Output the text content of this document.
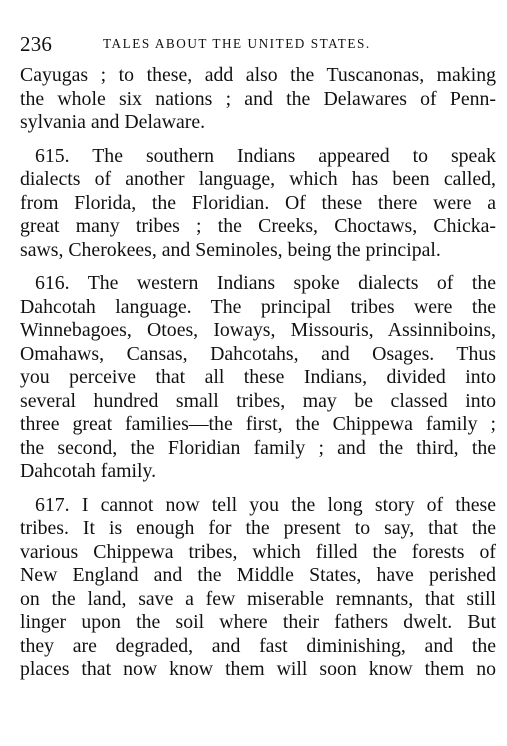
236	TALES ABOUT THE UNITED STATES.

Cayugas ; to these, add also the Tuscanonas, making
the whole six nations ; and the Delawares of Penn-
sylvania and Delaware.

615. The southern Indians appeared to speak
dialects of another language, which has been called,
from Florida, the Floridian. Of these there were a
great many tribes ; the Creeks, Choctaws, Chicka-
saws, Cherokees, and Seminoles, being the principal.

616. The western Indians spoke dialects of the
Dahcotah language. The principal tribes were the
Winnebagoes, Otoes, Ioways, Missouris, Assinniboins,
Omahaws, Cansas, Dahcotahs, and Osages. Thus
you perceive that all these Indians, divided into
several hundred small tribes, may be classed into
three great families—the first, the Chippewa family ;
the second, the Floridian family ; and the third, the
Dahcotah family.

617. I cannot now tell you the long story of these
tribes. It is enough for the present to say, that the
various Chippewa tribes, which filled the forests of
New England and the Middle States, have perished
on the land, save a few miserable remnants, that still
linger upon the soil where their fathers dwelt. But
they are degraded, and fast diminishing, and the
places that now know them will soon know them no
